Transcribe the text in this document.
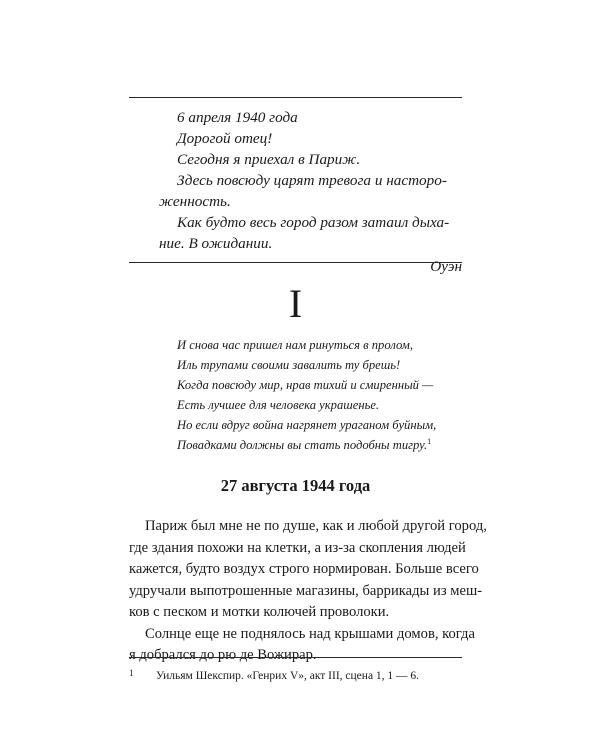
6 апреля 1940 года
Дорогой отец!
Сегодня я приехал в Париж.
Здесь повсюду царят тревога и насторо-
женность.
Как будто весь город разом затаил дыха-
ние. В ожидании.
Оуэн
I
И снова час пришел нам ринуться в пролом,
Иль трупами своими завалить ту брешь!
Когда повсюду мир, нрав тихий и смиренный —
Есть лучшее для человека украшенье.
Но если вдруг война нагрянет ураганом буйным,
Повадками должны вы стать подобны тигру.$^1$
27 августа 1944 года
Париж был мне не по душе, как и любой другой город,
где здания похожи на клетки, а из-за скопления людей
кажется, будто воздух строго нормирован. Больше всего
удручали выпотрошенные магазины, баррикады из меш-
ков с песком и мотки колючей проволоки.
Солнце еще не поднялось над крышами домов, когда
я добрался до рю де Вожирар.
1 Уильям Шекспир. «Генрих V», акт III, сцена 1, 1 — 6.
